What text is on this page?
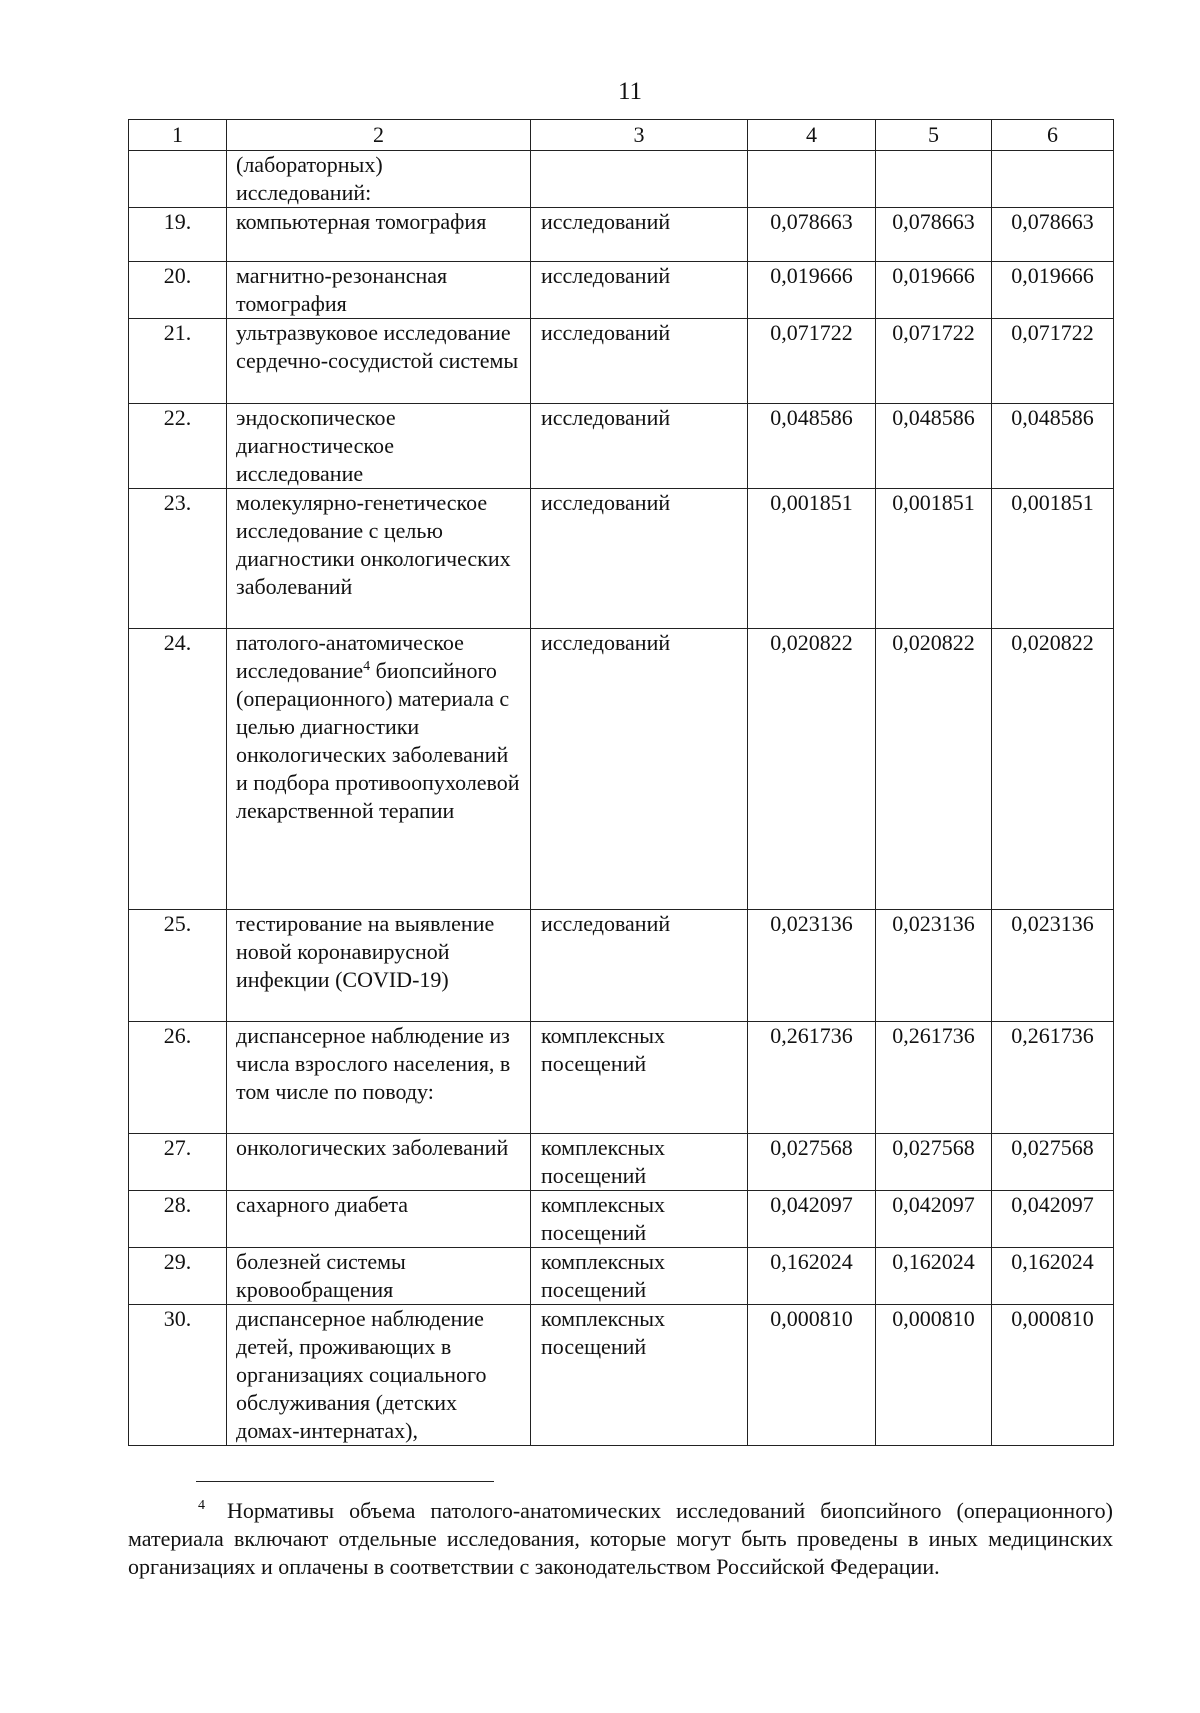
11
1	2	3	4	5	6
	(лабораторных) исследований:				
19.	компьютерная томография	исследований	0,078663	0,078663	0,078663
20.	магнитно-резонансная томография	исследований	0,019666	0,019666	0,019666
21.	ультразвуковое исследование сердечно-сосудистой системы	исследований	0,071722	0,071722	0,071722
22.	эндоскопическое диагностическое исследование	исследований	0,048586	0,048586	0,048586
23.	молекулярно-генетическое исследование с целью диагностики онкологических заболеваний	исследований	0,001851	0,001851	0,001851
24.	патолого-анатомическое исследование$^4$ биопсийного (операционного) материала с целью диагностики онкологических заболеваний и подбора противоопухолевой лекарственной терапии	исследований	0,020822	0,020822	0,020822
25.	тестирование на выявление новой коронавирусной инфекции (COVID-19)	исследований	0,023136	0,023136	0,023136
26.	диспансерное наблюдение из числа взрослого населения, в том числе по поводу:	комплексных посещений	0,261736	0,261736	0,261736
27.	онкологических заболеваний	комплексных посещений	0,027568	0,027568	0,027568
28.	сахарного диабета	комплексных посещений	0,042097	0,042097	0,042097
29.	болезней системы кровообращения	комплексных посещений	0,162024	0,162024	0,162024
30.	диспансерное наблюдение детей, проживающих в организациях социального обслуживания (детских домах-интернатах),	комплексных посещений	0,000810	0,000810	0,000810
$^4$ Нормативы объема патолого-анатомических исследований биопсийного (операционного) материала включают отдельные исследования, которые могут быть проведены в иных медицинских организациях и оплачены в соответствии с законодательством Российской Федерации.
